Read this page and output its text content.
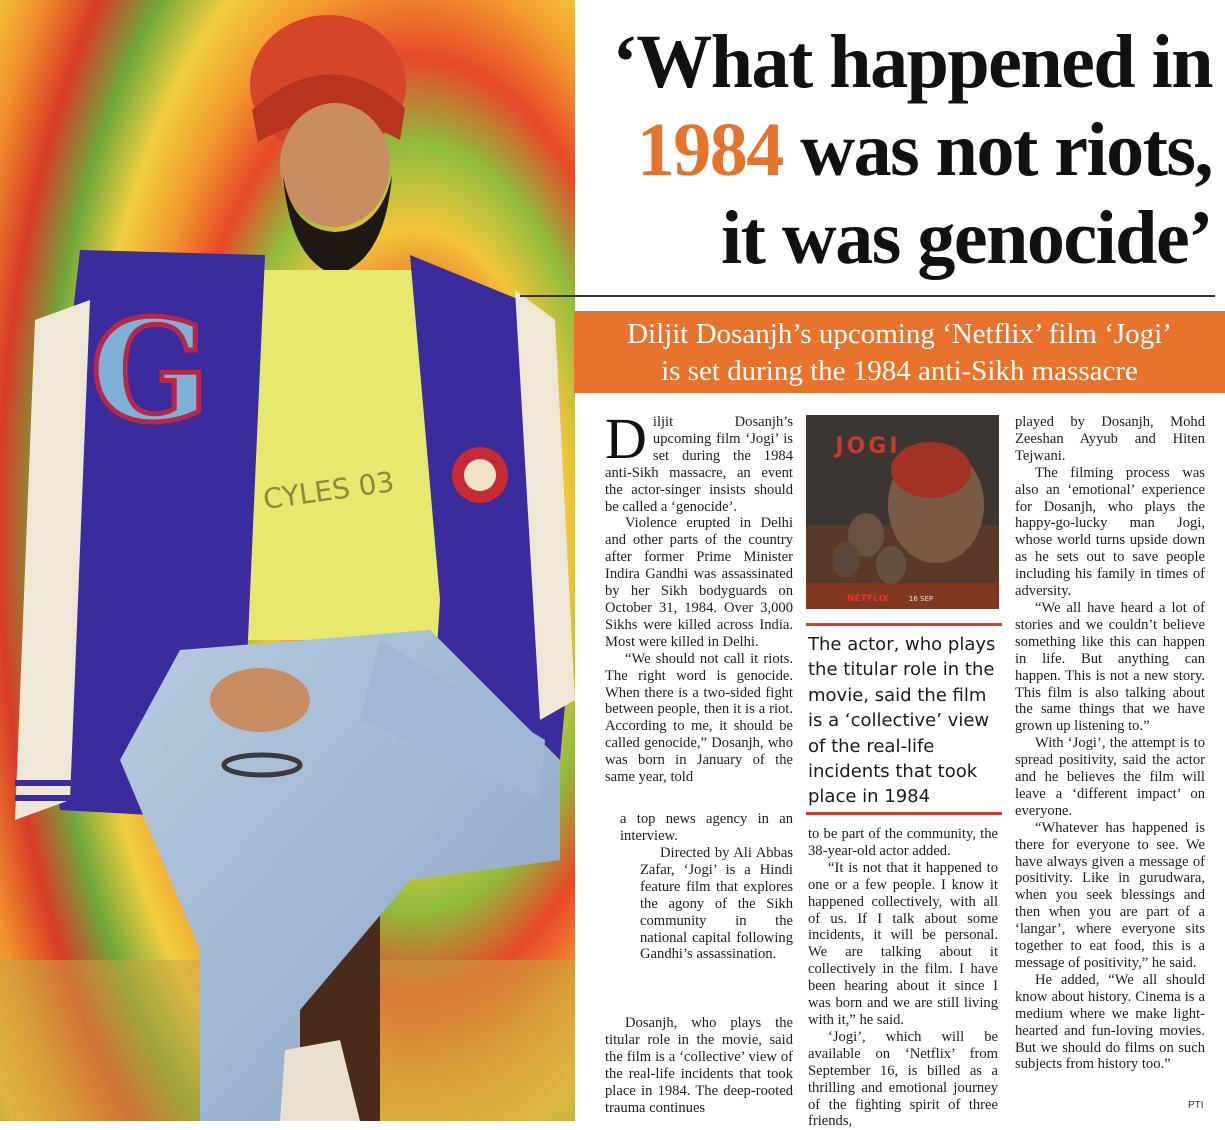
CYLES 03
G
‘What happened in
1984 was not riots,
it was genocide’
Diljit Dosanjh’s upcoming ‘Netflix’ film ‘Jogi’
is set during the 1984 anti-Sikh massacre

Diljit Dosanjh’s upcoming film ‘Jogi’ is set during the 1984 anti-Sikh massacre, an event the actor-singer insists should be called a ‘genocide’.

Violence erupted in Delhi and other parts of the country after former Prime Minister Indira Gandhi was assassinated by her Sikh bodyguards on October 31, 1984. Over 3,000 Sikhs were killed across India. Most were killed in Delhi.

“We should not call it riots. The right word is genocide. When there is a two-sided fight between people, then it is a riot. According to me, it should be called genocide,” Dosanjh, who was born in January of the same year, told

a top news agency in an interview.

Directed by Ali Abbas Zafar, ‘Jogi’ is a Hindi feature film that explores the agony of the Sikh community in the national capital following Gandhi’s assassination.

Dosanjh, who plays the titular role in the movie, said the film is a ‘collective’ view of the real-life incidents that took place in 1984. The deep-rooted trauma continues

JOGI
NETFLIX	16 SEP
The actor, who plays the titular role in the movie, said the film is a ‘collective’ view of the real-life incidents that took place in 1984

to be part of the community, the 38-year-old actor added.

“It is not that it happened to one or a few people. I know it happened collectively, with all of us. If I talk about some incidents, it will be personal. We are talking about it collectively in the film. I have been hearing about it since I was born and we are still living with it,” he said.

‘Jogi’, which will be available on ‘Netflix’ from September 16, is billed as a thrilling and emotional journey of the fighting spirit of three friends,

played by Dosanjh, Mohd Zeeshan Ayyub and Hiten Tejwani.

The filming process was also an ‘emotional’ experience for Dosanjh, who plays the happy-go-lucky man Jogi, whose world turns upside down as he sets out to save people including his family in times of adversity.

“We all have heard a lot of stories and we couldn’t believe something like this can happen in life. But anything can happen. This is not a new story. This film is also talking about the same things that we have grown up listening to.”

With ‘Jogi’, the attempt is to spread positivity, said the actor and he believes the film will leave a ‘different impact’ on everyone.

“Whatever has happened is there for everyone to see. We have always given a message of positivity. Like in gurudwara, when you seek blessings and then when you are part of a ‘langar’, where everyone sits together to eat food, this is a message of positivity,” he said.

He added, “We all should know about history. Cinema is a medium where we make light-hearted and fun-loving movies. But we should do films on such subjects from history too.”

PTI
